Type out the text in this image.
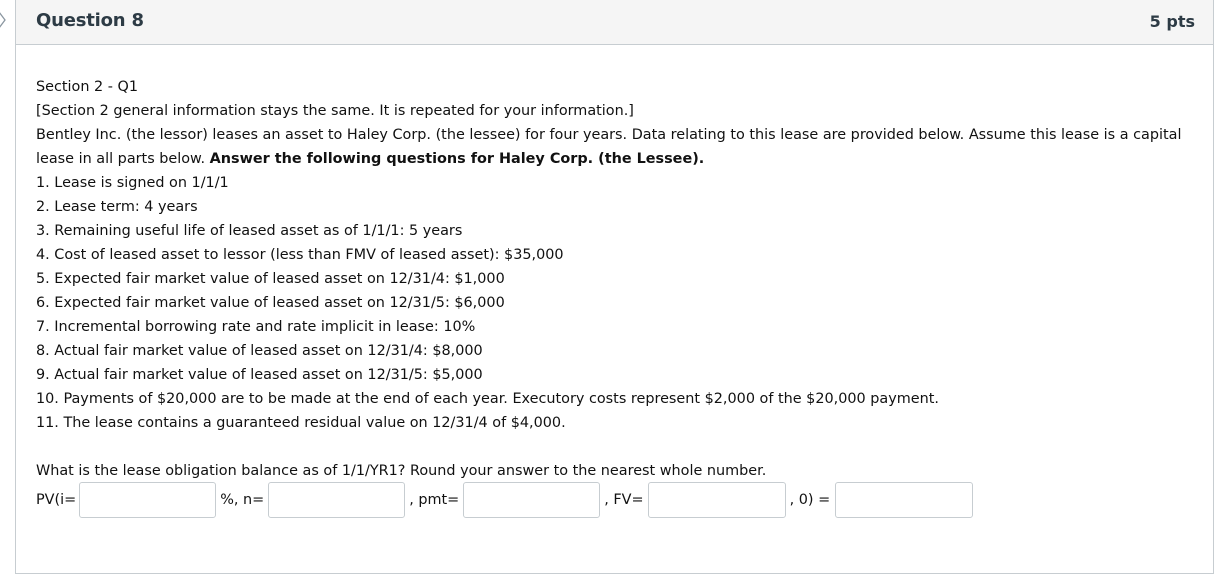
Question 8	5 pts

Section 2 - Q1

[Section 2 general information stays the same. It is repeated for your information.]

Bentley Inc. (the lessor) leases an asset to Haley Corp. (the lessee) for four years. Data relating to this lease are provided below. Assume this lease is a capital lease in all parts below. Answer the following questions for Haley Corp. (the Lessee).

1. Lease is signed on 1/1/1

2. Lease term: 4 years

3. Remaining useful life of leased asset as of 1/1/1: 5 years

4. Cost of leased asset to lessor (less than FMV of leased asset): $35,000

5. Expected fair market value of leased asset on 12/31/4: $1,000

6. Expected fair market value of leased asset on 12/31/5: $6,000

7. Incremental borrowing rate and rate implicit in lease: 10%

8. Actual fair market value of leased asset on 12/31/4: $8,000

9. Actual fair market value of leased asset on 12/31/5: $5,000

10. Payments of $20,000 are to be made at the end of each year. Executory costs represent $2,000 of the $20,000 payment.

11. The lease contains a guaranteed residual value on 12/31/4 of $4,000.

What is the lease obligation balance as of 1/1/YR1? Round your answer to the nearest whole number.

PV(i=	%, n=	, pmt=	, FV=	, 0) =
